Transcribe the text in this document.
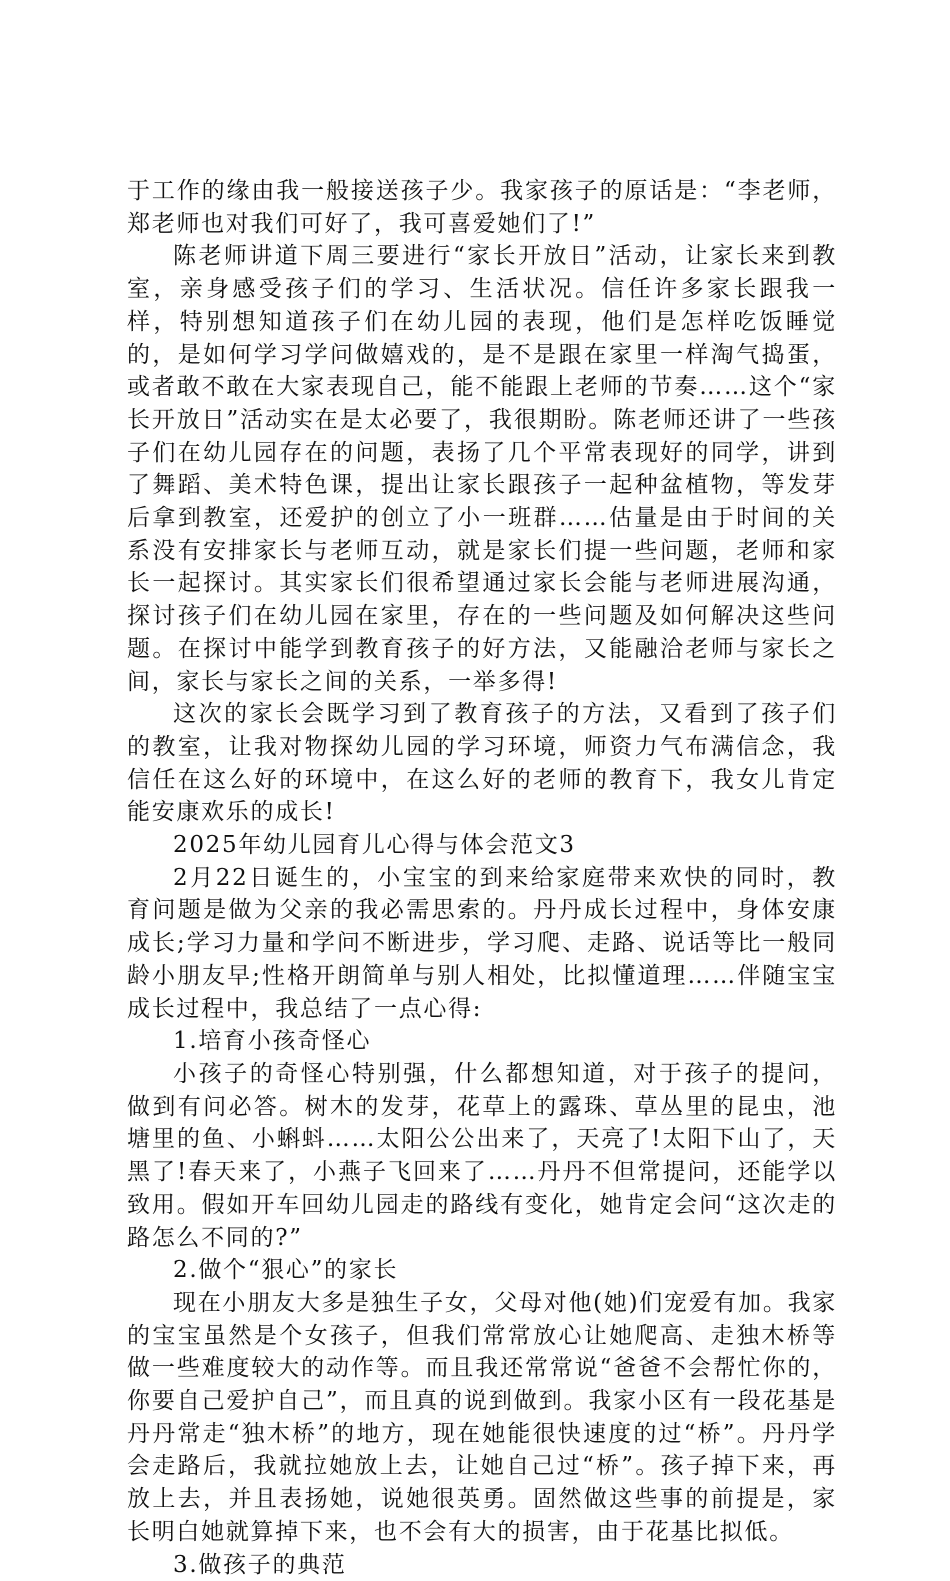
于工作的缘由我一般接送孩子少。我家孩子的原话是：“李老师，郑老师也对我们可好了，我可喜爱她们了!”

陈老师讲道下周三要进行“家长开放日”活动，让家长来到教室，亲身感受孩子们的学习、生活状况。信任许多家长跟我一样，特别想知道孩子们在幼儿园的表现，他们是怎样吃饭睡觉的，是如何学习学问做嬉戏的，是不是跟在家里一样淘气捣蛋，或者敢不敢在大家表现自己，能不能跟上老师的节奏……这个“家长开放日”活动实在是太必要了，我很期盼。陈老师还讲了一些孩子们在幼儿园存在的问题，表扬了几个平常表现好的同学，讲到了舞蹈、美术特色课，提出让家长跟孩子一起种盆植物，等发芽后拿到教室，还爱护的创立了小一班群……估量是由于时间的关系没有安排家长与老师互动，就是家长们提一些问题，老师和家长一起探讨。其实家长们很希望通过家长会能与老师进展沟通，探讨孩子们在幼儿园在家里，存在的一些问题及如何解决这些问题。在探讨中能学到教育孩子的好方法，又能融洽老师与家长之间，家长与家长之间的关系，一举多得!

这次的家长会既学习到了教育孩子的方法，又看到了孩子们的教室，让我对物探幼儿园的学习环境，师资力气布满信念，我信任在这么好的环境中，在这么好的老师的教育下，我女儿肯定能安康欢乐的成长!

2025年幼儿园育儿心得与体会范文3

2月22日诞生的，小宝宝的到来给家庭带来欢快的同时，教育问题是做为父亲的我必需思索的。丹丹成长过程中，身体安康成长;学习力量和学问不断进步，学习爬、走路、说话等比一般同龄小朋友早;性格开朗简单与别人相处，比拟懂道理……伴随宝宝成长过程中，我总结了一点心得:

1.培育小孩奇怪心

小孩子的奇怪心特别强，什么都想知道，对于孩子的提问，做到有问必答。树木的发芽，花草上的露珠、草丛里的昆虫，池塘里的鱼、小蝌蚪……太阳公公出来了，天亮了!太阳下山了，天黑了!春天来了，小燕子飞回来了……丹丹不但常提问，还能学以致用。假如开车回幼儿园走的路线有变化，她肯定会问“这次走的路怎么不同的?”

2.做个“狠心”的家长

现在小朋友大多是独生子女，父母对他(她)们宠爱有加。我家的宝宝虽然是个女孩子，但我们常常放心让她爬高、走独木桥等做一些难度较大的动作等。而且我还常常说“爸爸不会帮忙你的，你要自己爱护自己”，而且真的说到做到。我家小区有一段花基是丹丹常走“独木桥”的地方，现在她能很快速度的过“桥”。丹丹学会走路后，我就拉她放上去，让她自己过“桥”。孩子掉下来，再放上去，并且表扬她，说她很英勇。固然做这些事的前提是，家长明白她就算掉下来，也不会有大的损害，由于花基比拟低。

3.做孩子的典范
